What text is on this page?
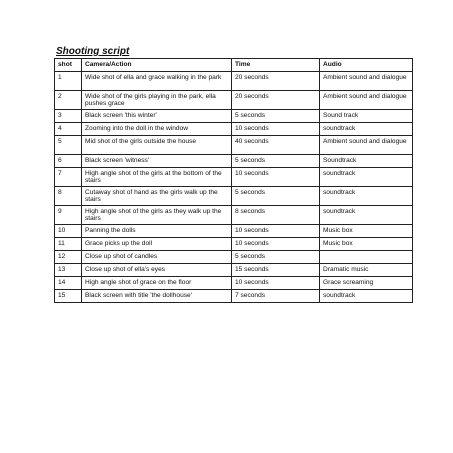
Shooting script
shot	Camera/Action	Time	Audio
1	Wide shot of ella and grace walking in the park	20 seconds	Ambient sound and dialogue
2	Wide shot of the girls playing in the park, ella pushes grace	20 seconds	Ambient sound and dialogue
3	Black screen 'this winter'	5 seconds	Sound track
4	Zooming into the doll in the window	10 seconds	soundtrack
5	Mid shot of the girls outside the house	40 seconds	Ambient sound and dialogue
6	Black screen 'witness'	5 seconds	Soundtrack
7	High angle shot of the girls at the bottom of the stairs	10 seconds	soundtrack
8	Cutaway shot of hand as the girls walk up the stairs	5 seconds	soundtrack
9	High angle shot of the girls as they walk up the stairs	8 seconds	soundtrack
10	Panning the dolls	10 seconds	Music box
11	Grace picks up the doll	10 seconds	Music box
12	Close up shot of candles	5 seconds	
13	Close up shot of ella's eyes	15 seconds	Dramatic music
14	High angle shot of grace on the floor	10 seconds	Grace screaming
15	Black screen with title 'the dollhouse'	7 seconds	soundtrack
